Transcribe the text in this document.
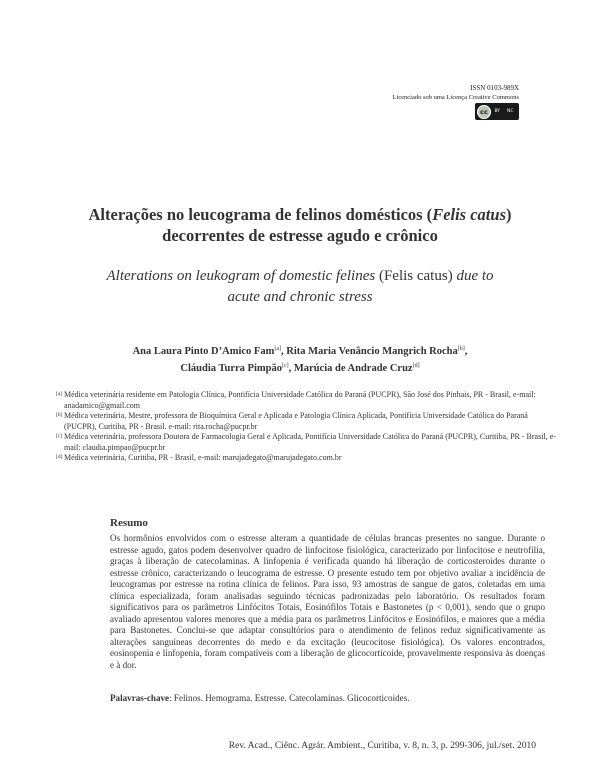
ISSN 0103-989X
Licenciado sob uma Licença Creative Commons
cc	BY NC
Alterações no leucograma de felinos domésticos (Felis catus)
decorrentes de estresse agudo e crônico
Alterations on leukogram of domestic felines (Felis catus) due to
acute and chronic stress
Ana Laura Pinto D’Amico Fam[a], Rita Maria Venâncio Mangrich Rocha[b],
Cláudia Turra Pimpão[c], Marúcia de Andrade Cruz[d]

[a] Médica veterinária residente em Patologia Clínica, Pontifícia Universidade Católica do Paraná (PUCPR), São José dos Pinhais, PR - Brasil, e-mail: anadamico@gmail.com

[b] Médica veterinária, Mestre, professora de Bioquímica Geral e Aplicada e Patologia Clínica Aplicada, Pontifícia Universidade Católica do Paraná (PUCPR), Curitiba, PR - Brasil. e-mail: rita.rocha@pucpr.br

[c] Médica veterinária, professora Doutora de Farmacologia Geral e Aplicada, Pontifícia Universidade Católica do Paraná (PUCPR), Curitiba, PR - Brasil, e-mail: claudia.pimpao@pucpr.br

[d] Médica veterinária, Curitiba, PR - Brasil, e-mail: marujadegato@marujadegato.com.br

Resumo
Os hormônios envolvidos com o estresse alteram a quantidade de células brancas presentes no sangue. Durante o estresse agudo, gatos podem desenvolver quadro de linfocitose fisiológica, caracterizado por linfocitose e neutrofilia, graças à liberação de catecolaminas. A linfopenia é verificada quando há liberação de corticosteroides durante o estresse crônico, caracterizando o leucograma de estresse. O presente estudo tem por objetivo avaliar a incidência de leucogramas por estresse na rotina clínica de felinos. Para isso, 93 amostras de sangue de gatos, coletadas em uma clínica especializada, foram analisadas seguindo técnicas padronizadas pelo laboratório. Os resultados foram significativos para os parâmetros Linfócitos Totais, Eosinófilos Totais e Bastonetes (p < 0,001), sendo que o grupo avaliado apresentou valores menores que a média para os parâmetros Linfócitos e Eosinófilos, e maiores que a média para Bastonetes. Conclui-se que adaptar consultórios para o atendimento de felinos reduz significativamente as alterações sanguíneas decorrentes do medo e da excitação (leucocitose fisiológica). Os valores encontrados, eosinopenia e linfopenia, foram compatíveis com a liberação de glicocorticoide, provavelmente responsiva às doenças e à dor.
Palavras-chave: Felinos. Hemograma. Estresse. Catecolaminas. Glicocorticoides.
Rev. Acad., Ciênc. Agrár. Ambient., Curitiba, v. 8, n. 3, p. 299-306, jul./set. 2010
